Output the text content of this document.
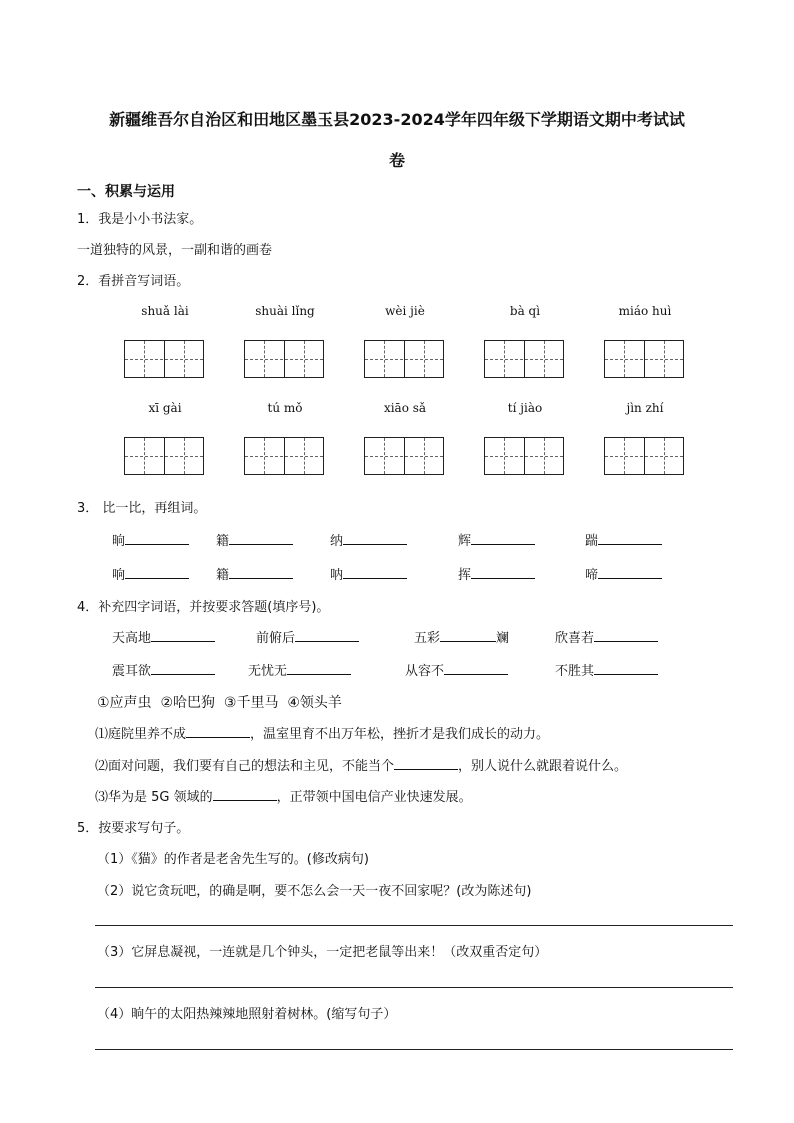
新疆维吾尔自治区和田地区墨玉县2023-2024学年四年级下学期语文期中考试试
卷
一、积累与运用
1．我是小小书法家。
一道独特的风景，一副和谐的画卷
2．看拼音写词语。
shuǎ lài	shuài lǐng	wèi jiè	bà qì	miáo huì
xī gài	tú mǒ	xiāo sǎ	tí jiào	jìn zhí
3． 比一比，再组词。
晌	籍	纳	辉	踹
响	籍	呐	挥	啼
4．补充四字词语，并按要求答题(填序号)。
天高地	前俯后	五彩	斓	欣喜若
震耳欲	无忧无	从容不	不胜其
①应声虫  ②哈巴狗  ③千里马  ④领头羊
⑴庭院里养不成	，温室里育不出万年松，挫折才是我们成长的动力。
⑵面对问题，我们要有自己的想法和主见，不能当个	，别人说什么就跟着说什么。
⑶华为是 5G 领域的	，正带领中国电信产业快速发展。
5．按要求写句子。
（1）《猫》的作者是老舍先生写的。(修改病句)
（2）说它贪玩吧，的确是啊，要不怎么会一天一夜不回家呢？(改为陈述句)
（3）它屏息凝视，一连就是几个钟头，一定把老鼠等出来！（改双重否定句）
（4）晌午的太阳热辣辣地照射着树林。(缩写句子）
